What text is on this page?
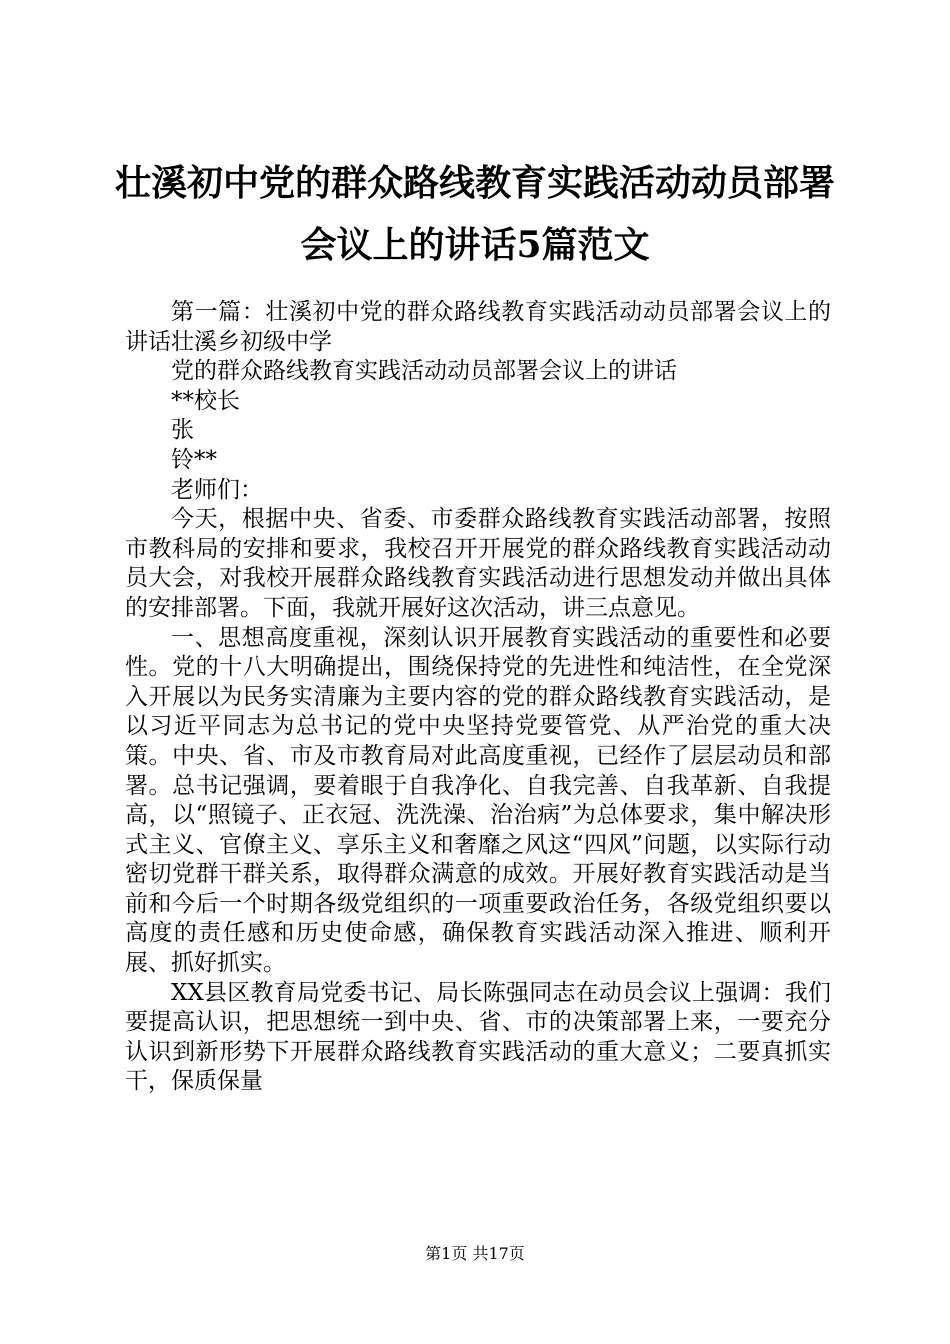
壮溪初中党的群众路线教育实践活动动员部署
会议上的讲话5篇范文

第一篇：壮溪初中党的群众路线教育实践活动动员部署会议上的讲话壮溪乡初级中学

党的群众路线教育实践活动动员部署会议上的讲话

**校长

张

铃**

老师们：

今天，根据中央、省委、市委群众路线教育实践活动部署，按照市教科局的安排和要求，我校召开开展党的群众路线教育实践活动动员大会，对我校开展群众路线教育实践活动进行思想发动并做出具体的安排部署。下面，我就开展好这次活动，讲三点意见。

一、思想高度重视，深刻认识开展教育实践活动的重要性和必要性。党的十八大明确提出，围绕保持党的先进性和纯洁性，在全党深入开展以为民务实清廉为主要内容的党的群众路线教育实践活动，是以习近平同志为总书记的党中央坚持党要管党、从严治党的重大决策。中央、省、市及市教育局对此高度重视，已经作了层层动员和部署。总书记强调，要着眼于自我净化、自我完善、自我革新、自我提高，以“照镜子、正衣冠、洗洗澡、治治病”为总体要求，集中解决形式主义、官僚主义、享乐主义和奢靡之风这“四风”问题，以实际行动密切党群干群关系，取得群众满意的成效。开展好教育实践活动是当前和今后一个时期各级党组织的一项重要政治任务，各级党组织要以高度的责任感和历史使命感，确保教育实践活动深入推进、顺利开展、抓好抓实。

XX县区教育局党委书记、局长陈强同志在动员会议上强调：我们要提高认识，把思想统一到中央、省、市的决策部署上来，一要充分认识到新形势下开展群众路线教育实践活动的重大意义；二要真抓实干，保质保量

第1页 共17页
